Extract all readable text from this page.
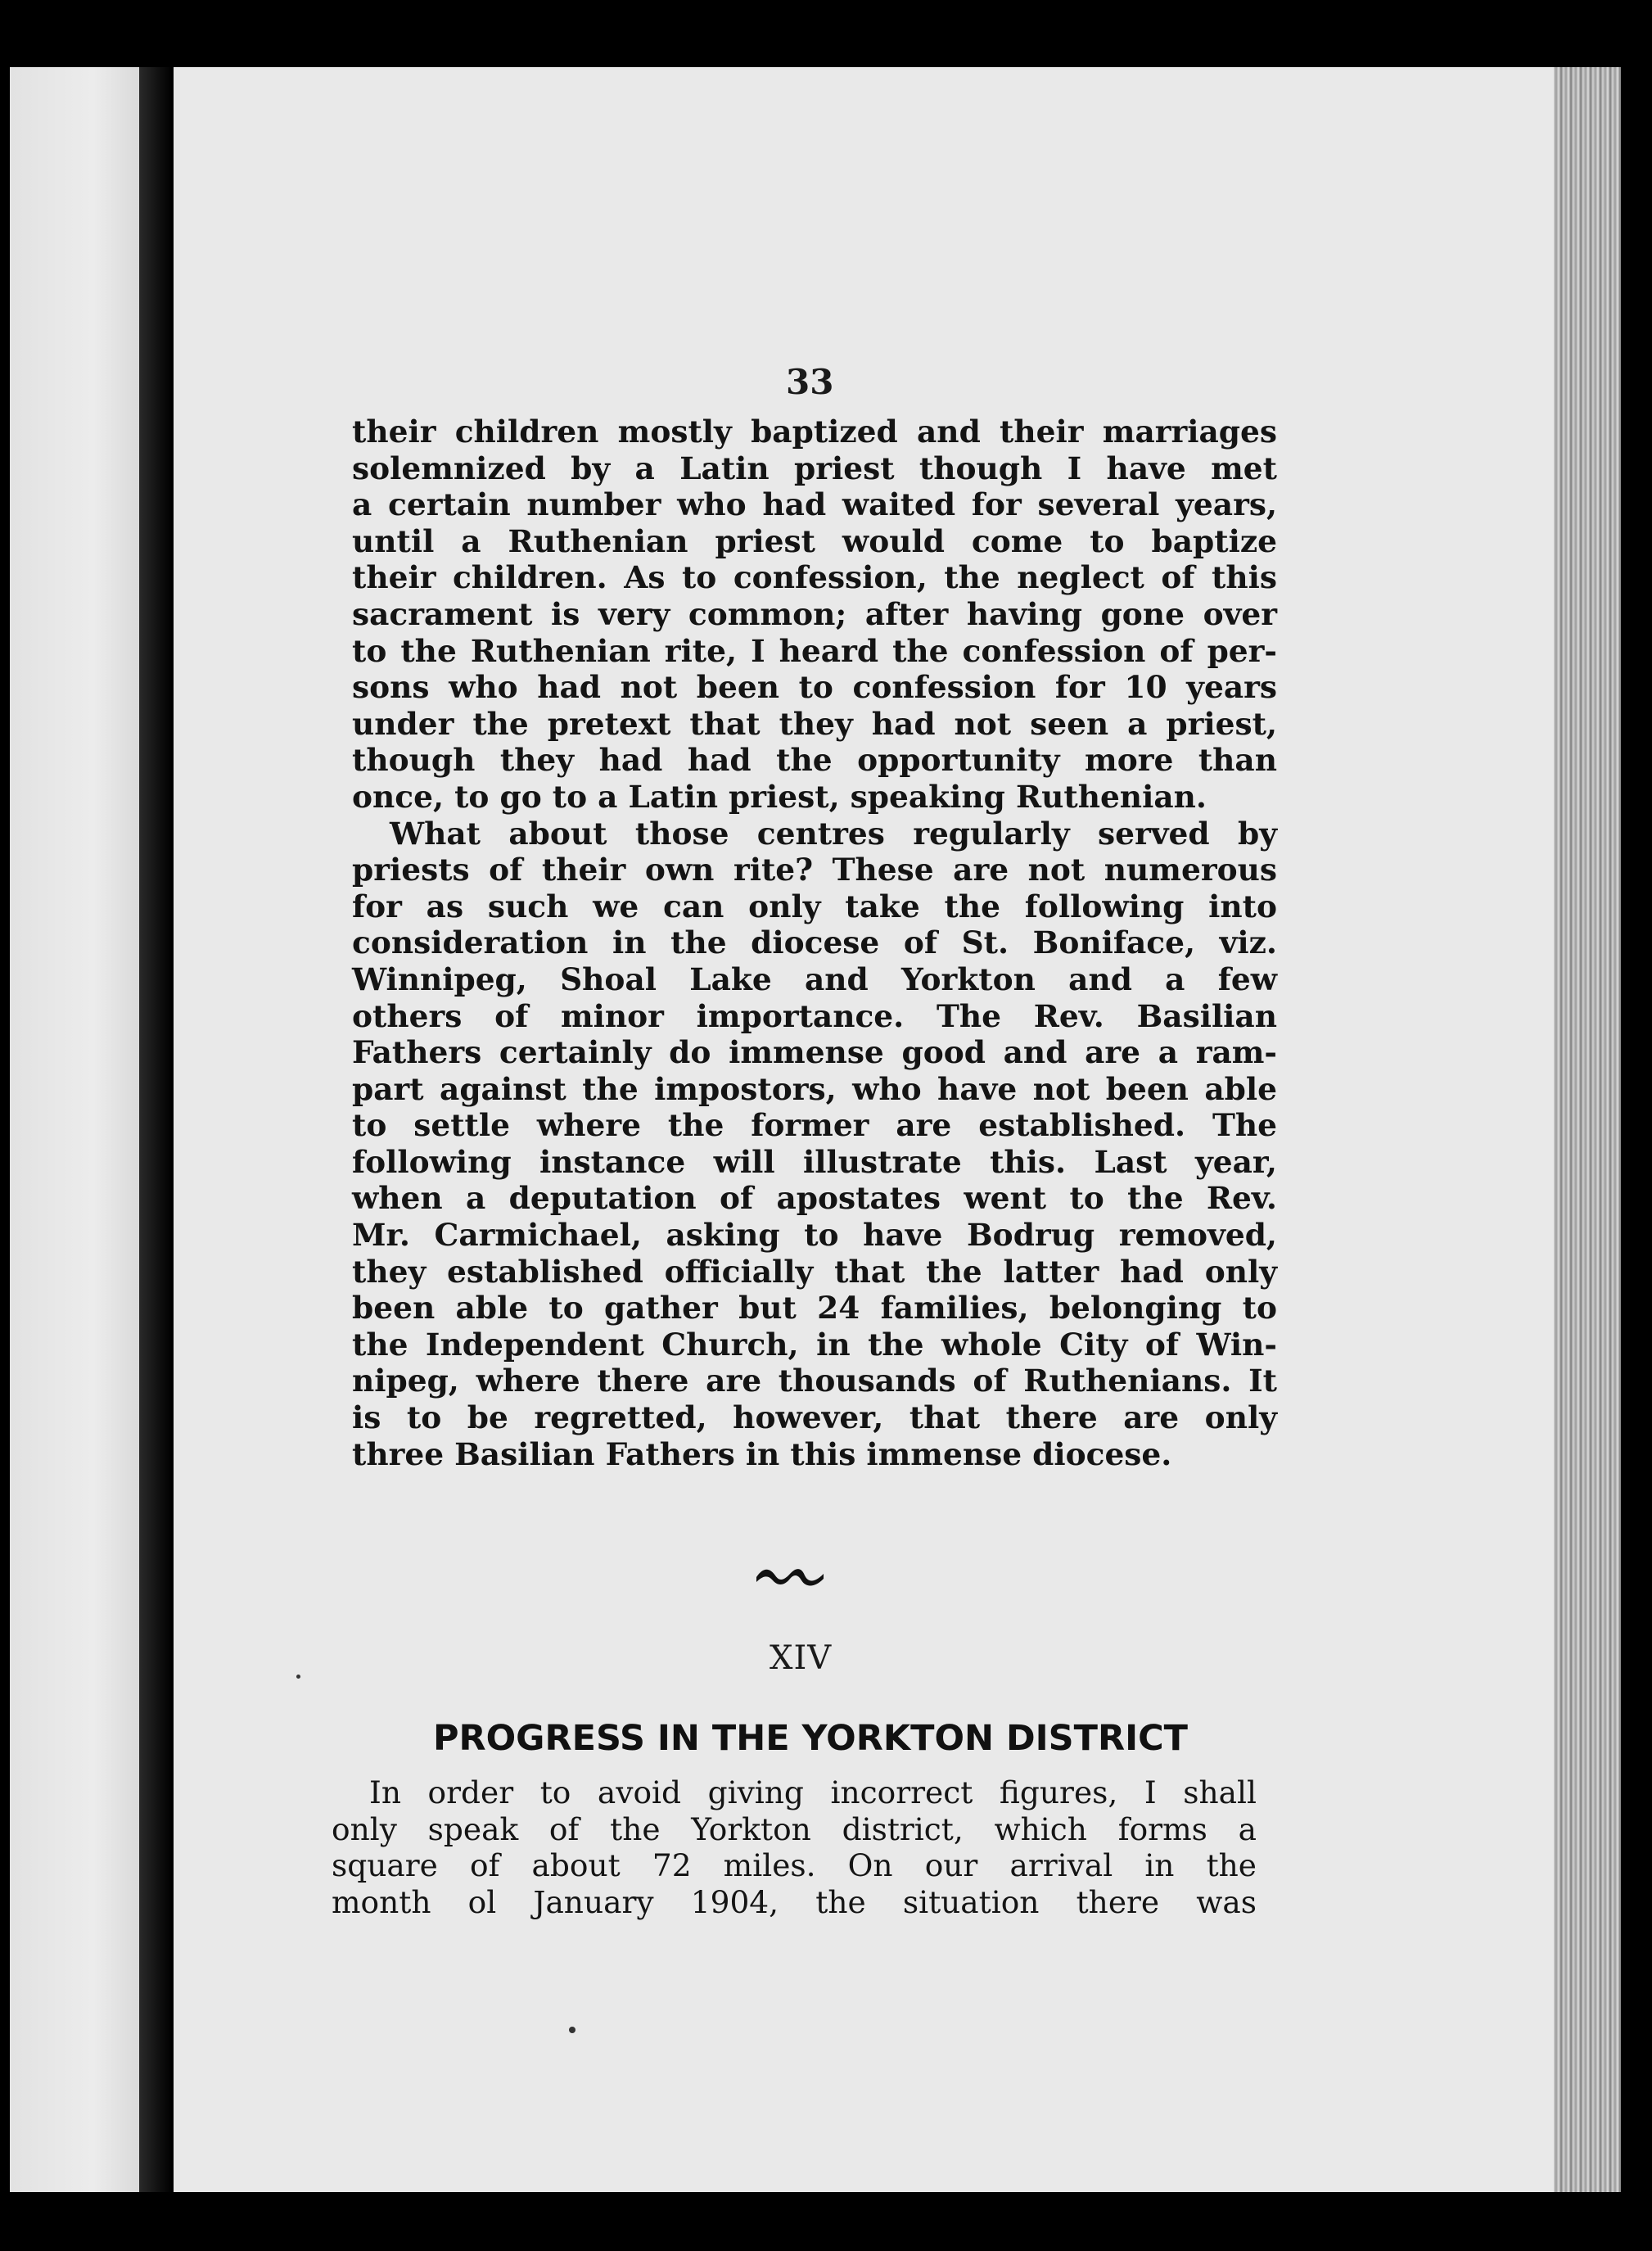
33
their children mostly baptized and their marriages
solemnized by a Latin priest though I have met
a certain number who had waited for several years,
until a Ruthenian priest would come to baptize
their children. As to confession, the neglect of this
sacrament is very common; after having gone over
to the Ruthenian rite, I heard the confession of per-
sons who had not been to confession for 10 years
under the pretext that they had not seen a priest,
though they had had the opportunity more than
once, to go to a Latin priest, speaking Ruthenian.
What about those centres regularly served by
priests of their own rite? These are not numerous
for as such we can only take the following into
consideration in the diocese of St. Boniface, viz.
Winnipeg, Shoal Lake and Yorkton and a few
others of minor importance. The Rev. Basilian
Fathers certainly do immense good and are a ram-
part against the impostors, who have not been able
to settle where the former are established. The
following instance will illustrate this. Last year,
when a deputation of apostates went to the Rev.
Mr. Carmichael, asking to have Bodrug removed,
they established officially that the latter had only
been able to gather but 24 families, belonging to
the Independent Church, in the whole City of Win-
nipeg, where there are thousands of Ruthenians. It
is to be regretted, however, that there are only
three Basilian Fathers in this immense diocese.
XIV
PROGRESS IN THE YORKTON DISTRICT
In order to avoid giving incorrect figures, I shall
only speak of the Yorkton district, which forms a
square of about 72 miles. On our arrival in the
month ol January 1904, the situation there was
